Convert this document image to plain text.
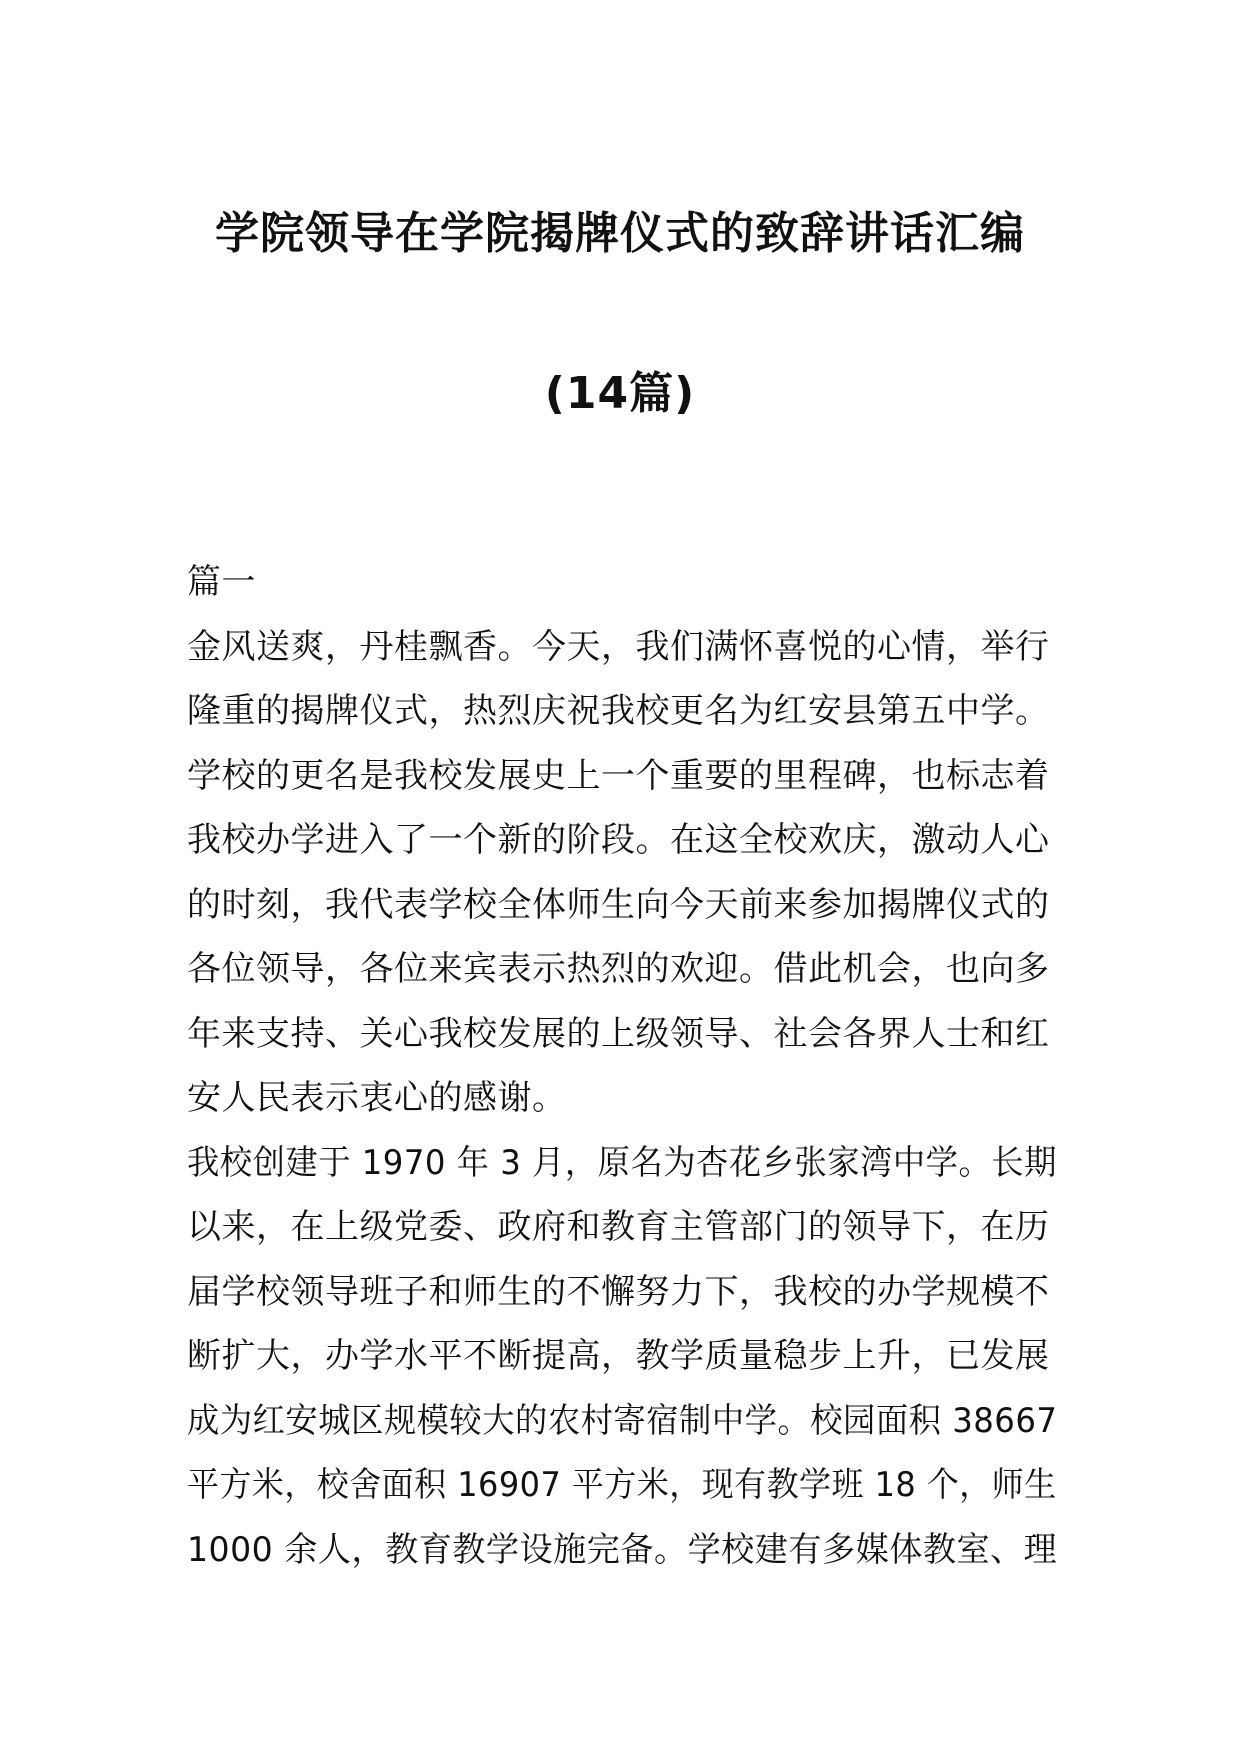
学院领导在学院揭牌仪式的致辞讲话汇编
(14篇)
篇一
金风送爽，丹桂飘香。今天，我们满怀喜悦的心情，举行
隆重的揭牌仪式，热烈庆祝我校更名为红安县第五中学。
学校的更名是我校发展史上一个重要的里程碑，也标志着
我校办学进入了一个新的阶段。在这全校欢庆，激动人心
的时刻，我代表学校全体师生向今天前来参加揭牌仪式的
各位领导，各位来宾表示热烈的欢迎。借此机会，也向多
年来支持、关心我校发展的上级领导、社会各界人士和红
安人民表示衷心的感谢。
我校创建于 1970 年 3 月，原名为杏花乡张家湾中学。长期
以来，在上级党委、政府和教育主管部门的领导下，在历
届学校领导班子和师生的不懈努力下，我校的办学规模不
断扩大，办学水平不断提高，教学质量稳步上升，已发展
成为红安城区规模较大的农村寄宿制中学。校园面积 38667
平方米，校舍面积 16907 平方米，现有教学班 18 个，师生
1000 余人，教育教学设施完备。学校建有多媒体教室、理
